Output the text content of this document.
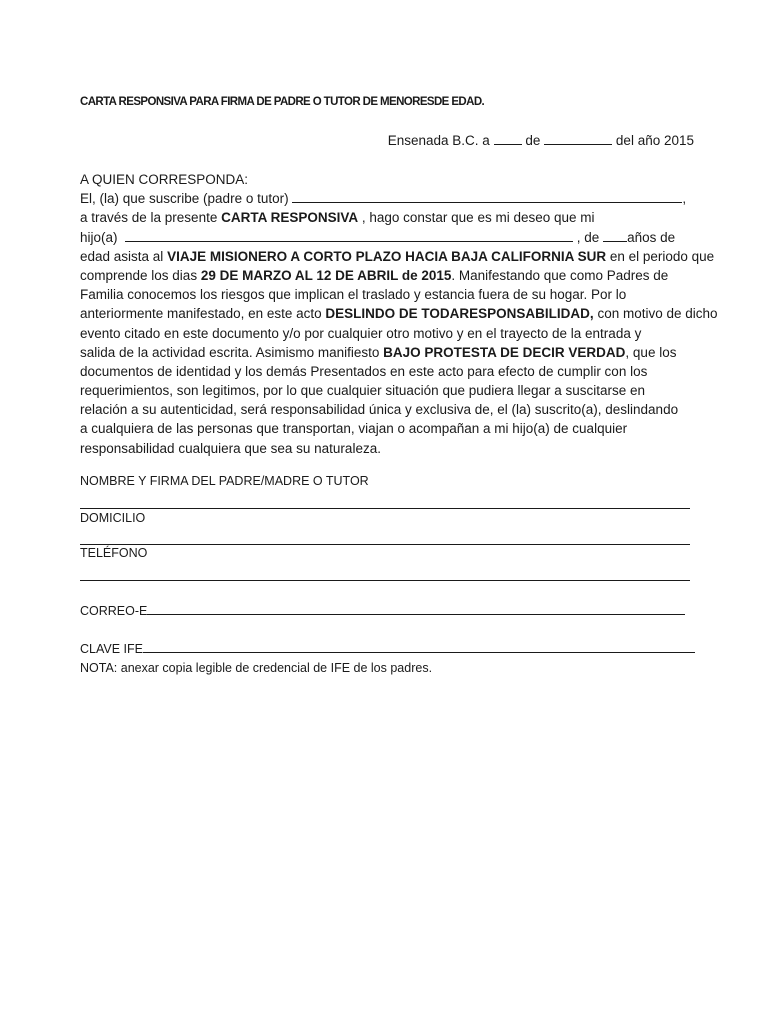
CARTA RESPONSIVA PARA FIRMA DE PADRE O TUTOR DE MENORESDE EDAD.
Ensenada B.C. a	de	del año 2015
A QUIEN CORRESPONDA:
El, (la) que suscribe (padre o tutor)	,
a través de la presente CARTA RESPONSIVA , hago constar que es mi deseo que mi
hijo(a)	, de años de
edad asista al VIAJE MISIONERO A CORTO PLAZO HACIA BAJA CALIFORNIA SUR en el periodo que
comprende los dias 29 DE MARZO AL 12 DE ABRIL de 2015. Manifestando que como Padres de
Familia conocemos los riesgos que implican el traslado y estancia fuera de su hogar. Por lo
anteriormente manifestado, en este acto DESLINDO DE TODARESPONSABILIDAD, con motivo de dicho
evento citado en este documento y/o por cualquier otro motivo y en el trayecto de la entrada y
salida de la actividad escrita. Asimismo manifiesto BAJO PROTESTA DE DECIR VERDAD, que los
documentos de identidad y los demás Presentados en este acto para efecto de cumplir con los
requerimientos, son legitimos, por lo que cualquier situación que pudiera llegar a suscitarse en
relación a su autenticidad, será responsabilidad única y exclusiva de, el (la) suscrito(a), deslindando
a cualquiera de las personas que transportan, viajan o acompañan a mi hijo(a) de cualquier
responsabilidad cualquiera que sea su naturaleza.
NOMBRE Y FIRMA DEL PADRE/MADRE O TUTOR
DOMICILIO
TELÉFONO
CORREO-E
CLAVE IFE
NOTA: anexar copia legible de credencial de IFE de los padres.
